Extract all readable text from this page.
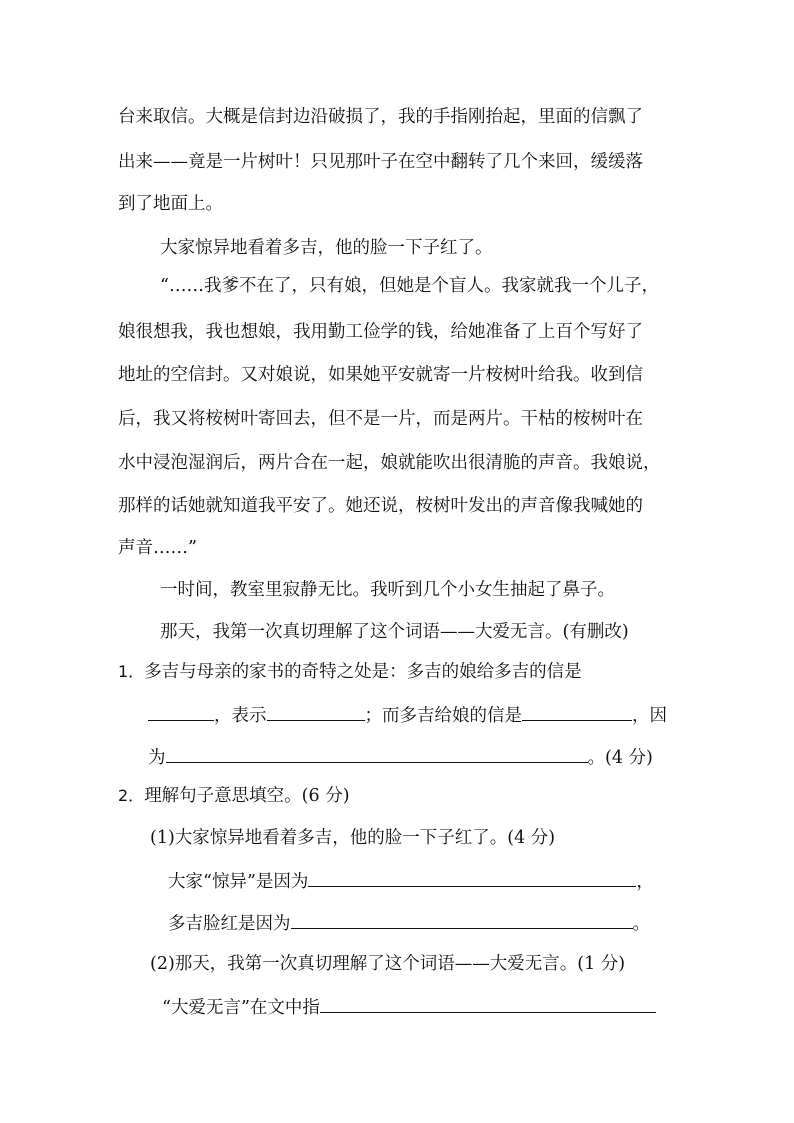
台来取信。大概是信封边沿破损了，我的手指刚抬起，里面的信飘了
出来——竟是一片树叶！只见那叶子在空中翻转了几个来回，缓缓落
到了地面上。
大家惊异地看着多吉，他的脸一下子红了。
“……我爹不在了，只有娘，但她是个盲人。我家就我一个儿子，
娘很想我，我也想娘，我用勤工俭学的钱，给她准备了上百个写好了
地址的空信封。又对娘说，如果她平安就寄一片桉树叶给我。收到信
后，我又将桉树叶寄回去，但不是一片，而是两片。干枯的桉树叶在
水中浸泡湿润后，两片合在一起，娘就能吹出很清脆的声音。我娘说，
那样的话她就知道我平安了。她还说，桉树叶发出的声音像我喊她的
声音……”
一时间，教室里寂静无比。我听到几个小女生抽起了鼻子。
那天，我第一次真切理解了这个词语——大爱无言。(有删改)
1．多吉与母亲的家书的奇特之处是：多吉的娘给多吉的信是
，表示	；而多吉给娘的信是	，因
为	。(4 分)
2．理解句子意思填空。(6 分)
(1)大家惊异地看着多吉，他的脸一下子红了。(4 分)
大家“惊异”是因为	，
多吉脸红是因为	。
(2)那天，我第一次真切理解了这个词语——大爱无言。(1 分)
“大爱无言”在文中指
